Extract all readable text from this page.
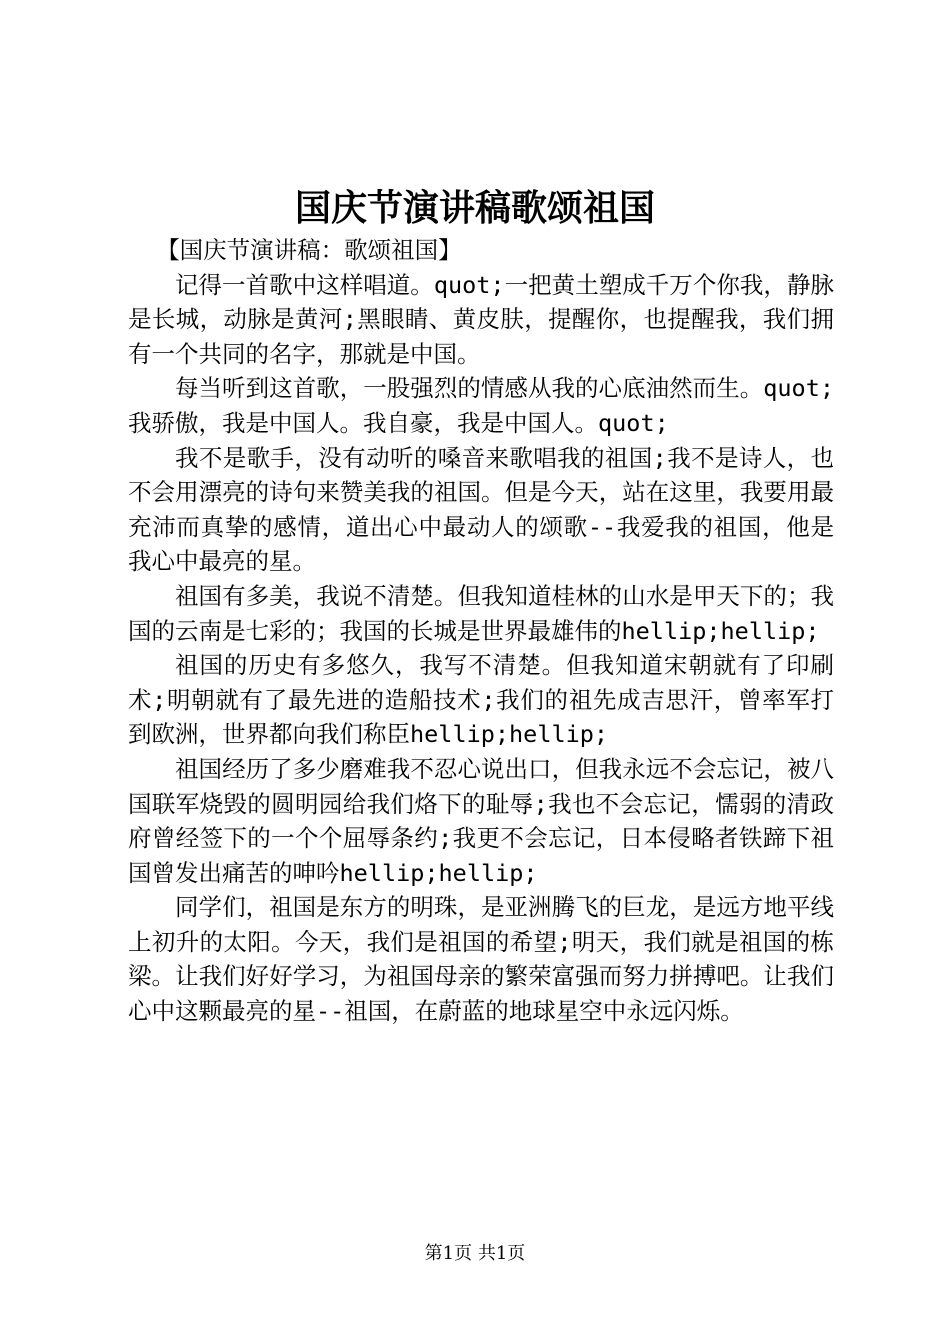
国庆节演讲稿歌颂祖国

【国庆节演讲稿：歌颂祖国】

记得一首歌中这样唱道。quot;一把黄土塑成千万个你我，静脉是长城，动脉是黄河;黑眼睛、黄皮肤，提醒你，也提醒我，我们拥有一个共同的名字，那就是中国。

每当听到这首歌，一股强烈的情感从我的心底油然而生。quot;我骄傲，我是中国人。我自豪，我是中国人。quot;

我不是歌手，没有动听的嗓音来歌唱我的祖国;我不是诗人，也不会用漂亮的诗句来赞美我的祖国。但是今天，站在这里，我要用最充沛而真挚的感情，道出心中最动人的颂歌--我爱我的祖国，他是我心中最亮的星。

祖国有多美，我说不清楚。但我知道桂林的山水是甲天下的；我国的云南是七彩的；我国的长城是世界最雄伟的hellip;hellip;

祖国的历史有多悠久，我写不清楚。但我知道宋朝就有了印刷术;明朝就有了最先进的造船技术;我们的祖先成吉思汗，曾率军打到欧洲，世界都向我们称臣hellip;hellip;

祖国经历了多少磨难我不忍心说出口，但我永远不会忘记，被八国联军烧毁的圆明园给我们烙下的耻辱;我也不会忘记，懦弱的清政府曾经签下的一个个屈辱条约;我更不会忘记，日本侵略者铁蹄下祖国曾发出痛苦的呻吟hellip;hellip;

同学们，祖国是东方的明珠，是亚洲腾飞的巨龙，是远方地平线上初升的太阳。今天，我们是祖国的希望;明天，我们就是祖国的栋梁。让我们好好学习，为祖国母亲的繁荣富强而努力拼搏吧。让我们心中这颗最亮的星--祖国，在蔚蓝的地球星空中永远闪烁。

第1页 共1页
